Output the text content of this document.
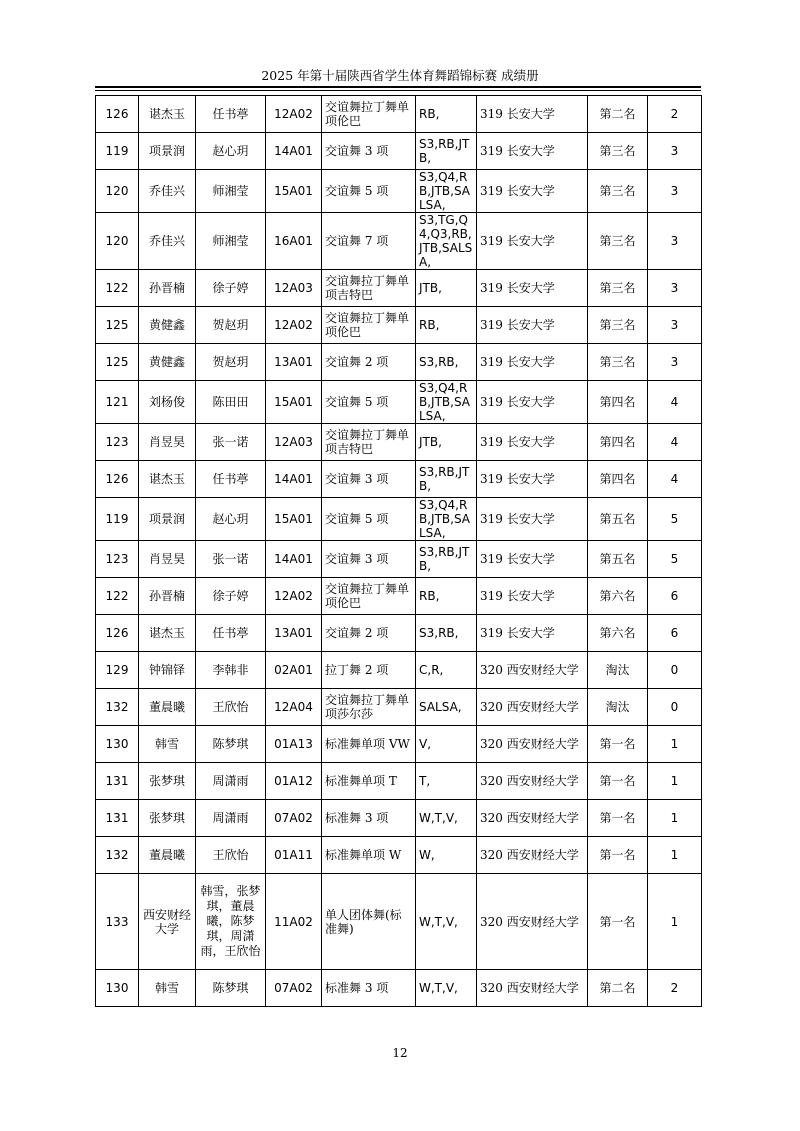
2025 年第十届陕西省学生体育舞蹈锦标赛 成绩册
126	谌杰玉	任书葶	12A02	交谊舞拉丁舞单项伦巴	RB,	319 长安大学	第二名	2
119	项景润	赵心玥	14A01	交谊舞 3 项	S3,RB,JTB,	319 长安大学	第三名	3
120	乔佳兴	师湘莹	15A01	交谊舞 5 项	S3,Q4,RB,JTB,SALSA,	319 长安大学	第三名	3
120	乔佳兴	师湘莹	16A01	交谊舞 7 项	S3,TG,Q4,Q3,RB,JTB,SALSA,	319 长安大学	第三名	3
122	孙晋楠	徐子婷	12A03	交谊舞拉丁舞单项吉特巴	JTB,	319 长安大学	第三名	3
125	黄健鑫	贺赵玥	12A02	交谊舞拉丁舞单项伦巴	RB,	319 长安大学	第三名	3
125	黄健鑫	贺赵玥	13A01	交谊舞 2 项	S3,RB,	319 长安大学	第三名	3
121	刘杨俊	陈田田	15A01	交谊舞 5 项	S3,Q4,RB,JTB,SALSA,	319 长安大学	第四名	4
123	肖昱昊	张一诺	12A03	交谊舞拉丁舞单项吉特巴	JTB,	319 长安大学	第四名	4
126	谌杰玉	任书葶	14A01	交谊舞 3 项	S3,RB,JTB,	319 长安大学	第四名	4
119	项景润	赵心玥	15A01	交谊舞 5 项	S3,Q4,RB,JTB,SALSA,	319 长安大学	第五名	5
123	肖昱昊	张一诺	14A01	交谊舞 3 项	S3,RB,JTB,	319 长安大学	第五名	5
122	孙晋楠	徐子婷	12A02	交谊舞拉丁舞单项伦巴	RB,	319 长安大学	第六名	6
126	谌杰玉	任书葶	13A01	交谊舞 2 项	S3,RB,	319 长安大学	第六名	6
129	钟锦铎	李韩非	02A01	拉丁舞 2 项	C,R,	320 西安财经大学	淘汰	0
132	董晨曦	王欣怡	12A04	交谊舞拉丁舞单项莎尔莎	SALSA,	320 西安财经大学	淘汰	0
130	韩雪	陈梦琪	01A13	标准舞单项 VW	V,	320 西安财经大学	第一名	1
131	张梦琪	周潇雨	01A12	标准舞单项 T	T,	320 西安财经大学	第一名	1
131	张梦琪	周潇雨	07A02	标准舞 3 项	W,T,V,	320 西安财经大学	第一名	1
132	董晨曦	王欣怡	01A11	标准舞单项 W	W,	320 西安财经大学	第一名	1
133	西安财经大学	韩雪，张梦琪，董晨曦，陈梦琪，周潇雨，王欣怡	11A02	单人团体舞(标准舞)	W,T,V,	320 西安财经大学	第一名	1
130	韩雪	陈梦琪	07A02	标准舞 3 项	W,T,V,	320 西安财经大学	第二名	2
12
